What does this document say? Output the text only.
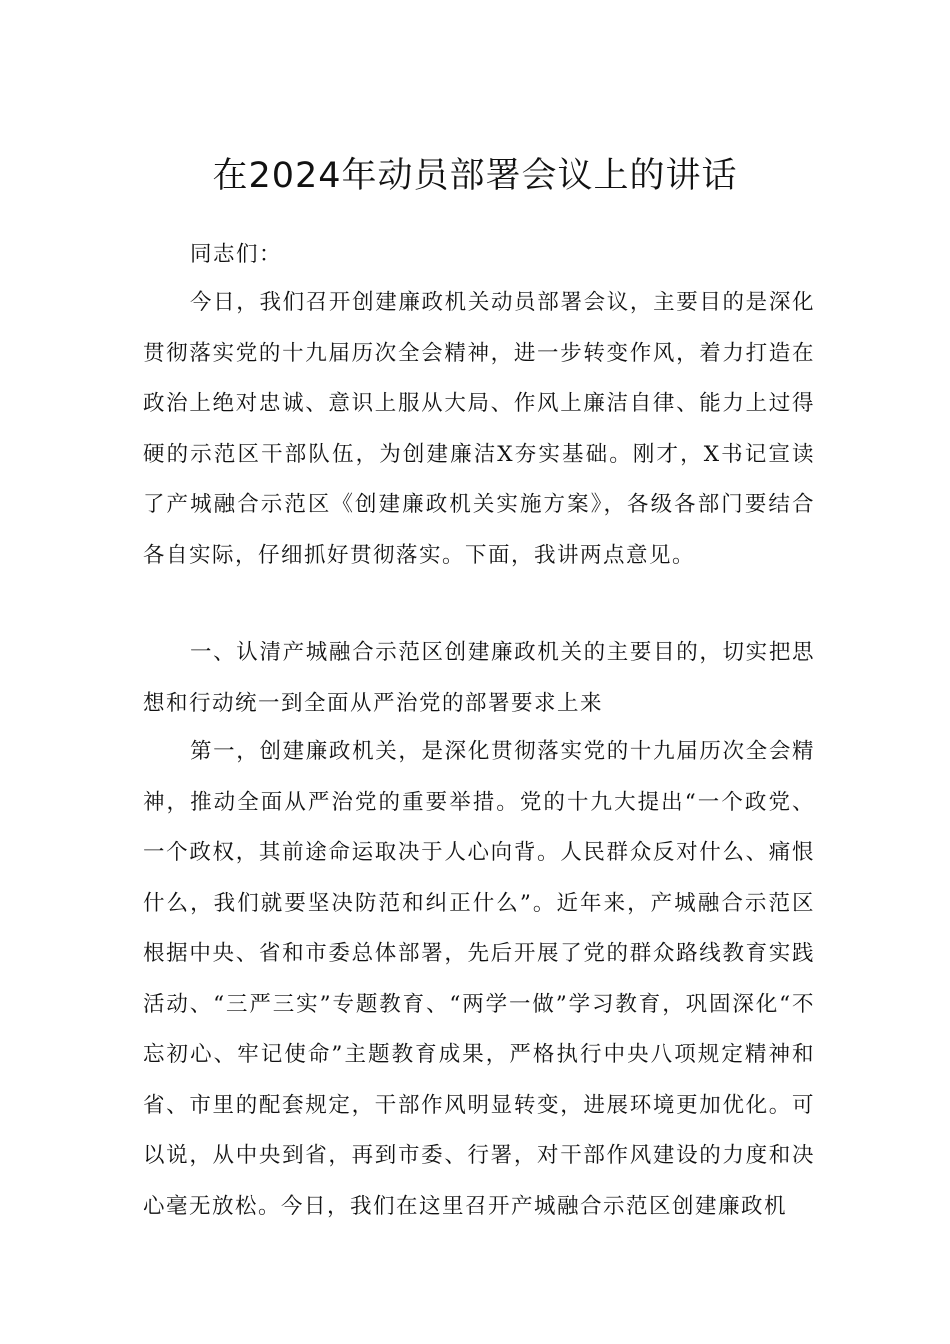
在2024年动员部署会议上的讲话

同志们：

今日，我们召开创建廉政机关动员部署会议，主要目的是深化贯彻落实党的十九届历次全会精神，进一步转变作风，着力打造在政治上绝对忠诚、意识上服从大局、作风上廉洁自律、能力上过得硬的示范区干部队伍，为创建廉洁X夯实基础。刚才，X书记宣读了产城融合示范区《创建廉政机关实施方案》，各级各部门要结合各自实际，仔细抓好贯彻落实。下面，我讲两点意见。

一、认清产城融合示范区创建廉政机关的主要目的，切实把思想和行动统一到全面从严治党的部署要求上来

第一，创建廉政机关，是深化贯彻落实党的十九届历次全会精神，推动全面从严治党的重要举措。党的十九大提出“一个政党、一个政权，其前途命运取决于人心向背。人民群众反对什么、痛恨什么，我们就要坚决防范和纠正什么”。近年来，产城融合示范区根据中央、省和市委总体部署，先后开展了党的群众路线教育实践活动、“三严三实”专题教育、“两学一做”学习教育，巩固深化“不忘初心、牢记使命”主题教育成果，严格执行中央八项规定精神和省、市里的配套规定，干部作风明显转变，进展环境更加优化。可以说，从中央到省，再到市委、行署，对干部作风建设的力度和决心毫无放松。今日，我们在这里召开产城融合示范区创建廉政机
